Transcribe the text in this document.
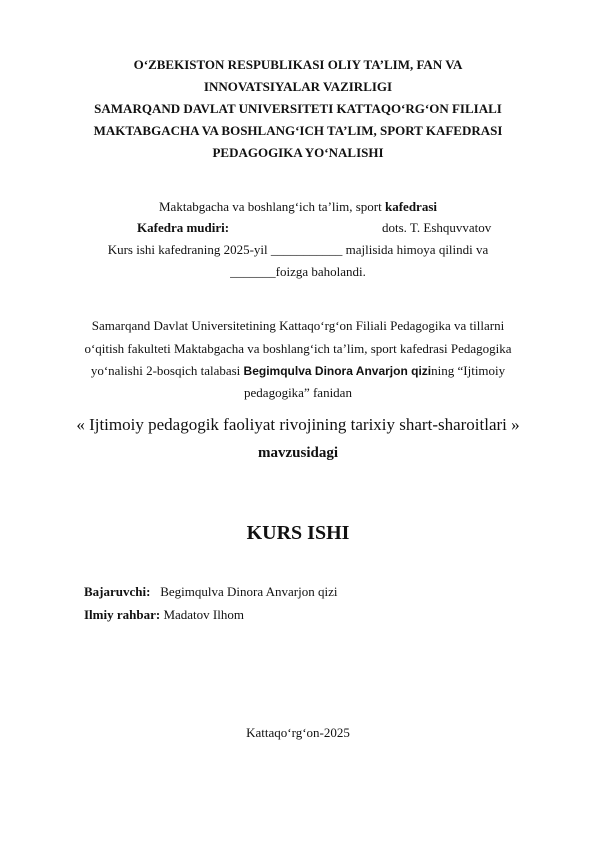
O‘ZBEKISTON RESPUBLIKASI OLIY TA’LIM, FAN VA
INNOVATSIYALAR VAZIRLIGI
SAMARQAND DAVLAT UNIVERSITETI KATTAQO‘RG‘ON FILIALI
MAKTABGACHA VA BOSHLANG‘ICH TA’LIM, SPORT KAFEDRASI
PEDAGOGIKA YO‘NALISHI
Maktabgacha va boshlang‘ich ta’lim, sport kafedrasi
Kafedra mudiri:	dots. T. Eshquvvatov
Kurs ishi kafedraning 2025-yil ___________ majlisida himoya qilindi va
_______foizga baholandi.
Samarqand Davlat Universitetining Kattaqo‘rg‘on Filiali Pedagogika va tillarni
o‘qitish fakulteti Maktabgacha va boshlang‘ich ta’lim, sport kafedrasi Pedagogika
yo‘nalishi 2-bosqich talabasi Begimqulva Dinora Anvarjon qizining “Ijtimoiy
pedagogika” fanidan
« Ijtimoiy pedagogik faoliyat rivojining tarixiy shart-sharoitlari »
mavzusidagi
KURS ISHI
Bajaruvchi: Begimqulva Dinora Anvarjon qizi
Ilmiy rahbar: Madatov Ilhom
Kattaqo‘rg‘on-2025
